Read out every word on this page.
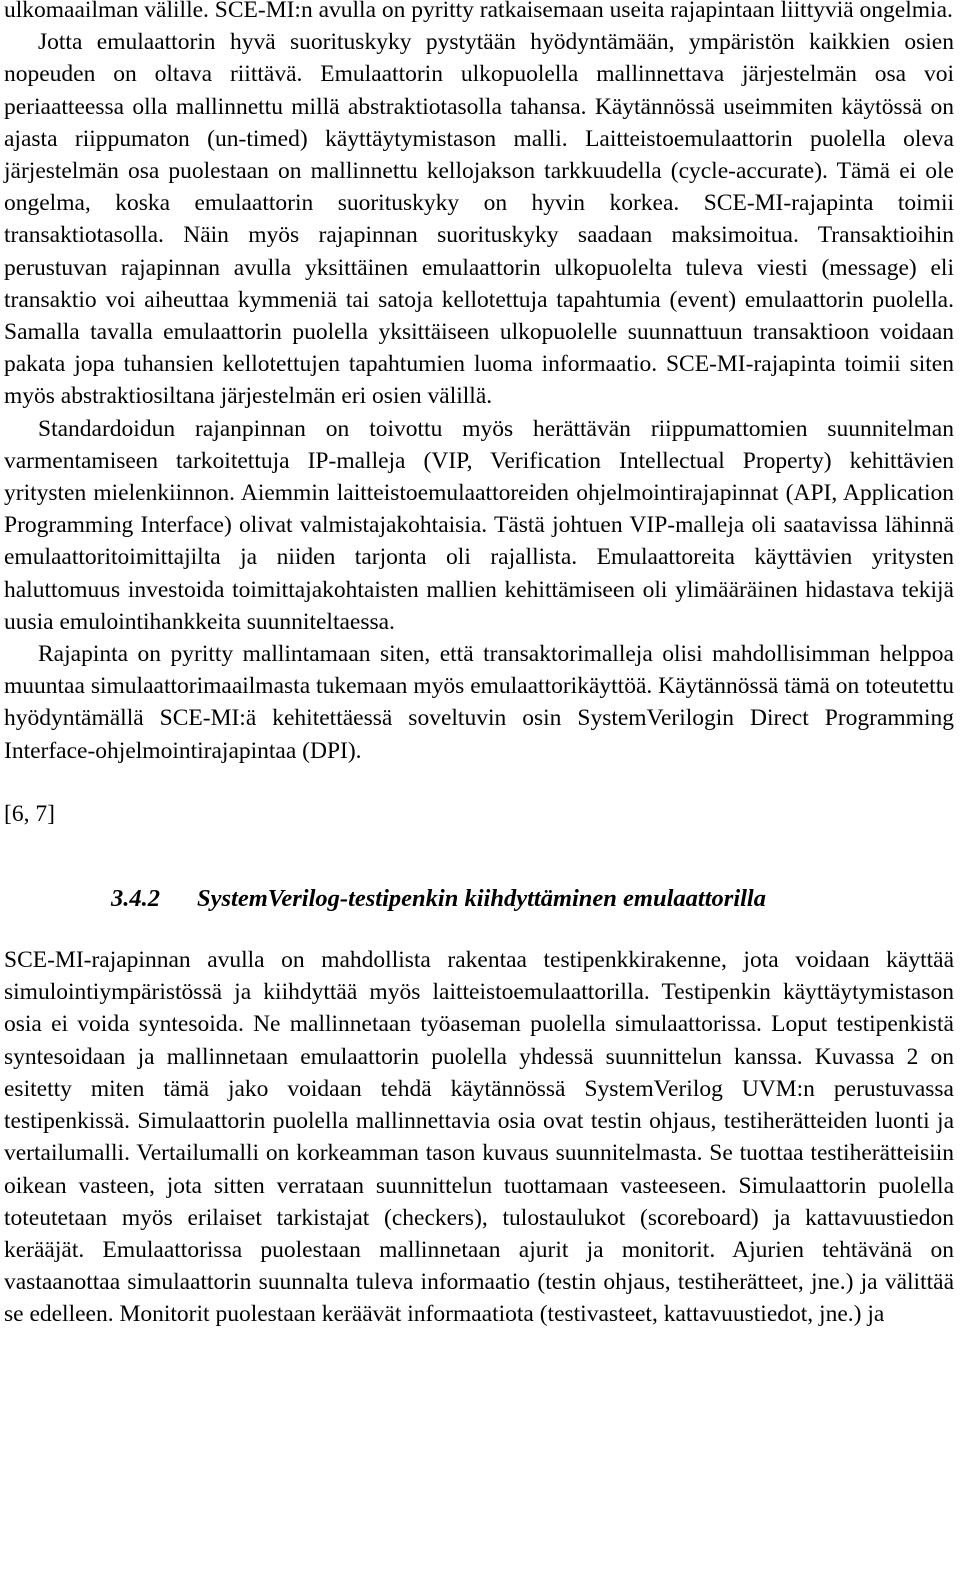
ulkomaailman välille. SCE-MI:n avulla on pyritty ratkaisemaan useita rajapintaan liittyviä ongelmia.

Jotta emulaattorin hyvä suorituskyky pystytään hyödyntämään, ympäristön kaikkien osien nopeuden on oltava riittävä. Emulaattorin ulkopuolella mallinnettava järjestelmän osa voi periaatteessa olla mallinnettu millä abstraktiotasolla tahansa. Käytännössä useimmiten käytössä on ajasta riippumaton (un-timed) käyttäytymistason malli. Laitteistoemulaattorin puolella oleva järjestelmän osa puolestaan on mallinnettu kellojakson tarkkuudella (cycle-accurate). Tämä ei ole ongelma, koska emulaattorin suorituskyky on hyvin korkea. SCE-MI-rajapinta toimii transaktiotasolla. Näin myös rajapinnan suorituskyky saadaan maksimoitua. Transaktioihin perustuvan rajapinnan avulla yksittäinen emulaattorin ulkopuolelta tuleva viesti (message) eli transaktio voi aiheuttaa kymmeniä tai satoja kellotettuja tapahtumia (event) emulaattorin puolella. Samalla tavalla emulaattorin puolella yksittäiseen ulkopuolelle suunnattuun transaktioon voidaan pakata jopa tuhansien kellotettujen tapahtumien luoma informaatio. SCE-MI-rajapinta toimii siten myös abstraktiosiltana järjestelmän eri osien välillä.

Standardoidun rajanpinnan on toivottu myös herättävän riippumattomien suunnitelman varmentamiseen tarkoitettuja IP-malleja (VIP, Verification Intellectual Property) kehittävien yritysten mielenkiinnon. Aiemmin laitteistoemulaattoreiden ohjelmointirajapinnat (API, Application Programming Interface) olivat valmistajakohtaisia. Tästä johtuen VIP-malleja oli saatavissa lähinnä emulaattoritoimittajilta ja niiden tarjonta oli rajallista. Emulaattoreita käyttävien yritysten haluttomuus investoida toimittajakohtaisten mallien kehittämiseen oli ylimääräinen hidastava tekijä uusia emulointihankkeita suunniteltaessa.

Rajapinta on pyritty mallintamaan siten, että transaktorimalleja olisi mahdollisimman helppoa muuntaa simulaattorimaailmasta tukemaan myös emulaattorikäyttöä. Käytännössä tämä on toteutettu hyödyntämällä SCE-MI:ä kehitettäessä soveltuvin osin SystemVerilogin Direct Programming Interface-ohjelmointirajapintaa (DPI).

[6, 7]

3.4.2 SystemVerilog-testipenkin kiihdyttäminen emulaattorilla

SCE-MI-rajapinnan avulla on mahdollista rakentaa testipenkkirakenne, jota voidaan käyttää simulointiympäristössä ja kiihdyttää myös laitteistoemulaattorilla. Testipenkin käyttäytymistason osia ei voida syntesoida. Ne mallinnetaan työaseman puolella simulaattorissa. Loput testipenkistä syntesoidaan ja mallinnetaan emulaattorin puolella yhdessä suunnittelun kanssa. Kuvassa 2 on esitetty miten tämä jako voidaan tehdä käytännössä SystemVerilog UVM:n perustuvassa testipenkissä. Simulaattorin puolella mallinnettavia osia ovat testin ohjaus, testiherätteiden luonti ja vertailumalli. Vertailumalli on korkeamman tason kuvaus suunnitelmasta. Se tuottaa testiherätteisiin oikean vasteen, jota sitten verrataan suunnittelun tuottamaan vasteeseen. Simulaattorin puolella toteutetaan myös erilaiset tarkistajat (checkers), tulostaulukot (scoreboard) ja kattavuustiedon kerääjät. Emulaattorissa puolestaan mallinnetaan ajurit ja monitorit. Ajurien tehtävänä on vastaanottaa simulaattorin suunnalta tuleva informaatio (testin ohjaus, testiherätteet, jne.) ja välittää se edelleen. Monitorit puolestaan keräävät informaatiota (testivasteet, kattavuustiedot, jne.) ja
